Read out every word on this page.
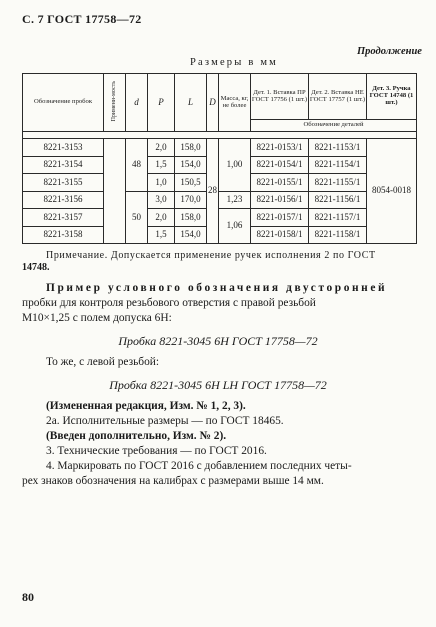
С. 7 ГОСТ 17758—72
Продолжение
Размеры в мм
Обозначение пробок	Примени-мость	d	P	L	D	Масса, кг, не более	Дет. 1. Вставка ПР ГОСТ 17756 (1 шт.)	Дет. 2. Вставка НЕ ГОСТ 17757 (1 шт.)	Дет. 3. Ручка ГОСТ 14748 (1 шт.)
							Обозначение деталей		

8221-3153		48	2,0	158,0	28	1,00	8221-0153/1	8221-1153/1	8054-0018
8221-3154			1,5	154,0			8221-0154/1	8221-1154/1	
8221-3155			1,0	150,5			8221-0155/1	8221-1155/1	
8221-3156		50	3,0	170,0		1,23	8221-0156/1	8221-1156/1	
8221-3157			2,0	158,0		1,06	8221-0157/1	8221-1157/1	
8221-3158			1,5	154,0			8221-0158/1	8221-1158/1	
Примечание. Допускается применение ручек исполнения 2 по ГОСТ
14748.
Пример условного обозначения двусторонней
пробки для контроля резьбового отверстия с правой резьбой
М10×1,25 с полем допуска 6Н:
Пробка 8221-3045 6Н ГОСТ 17758—72
То же, с левой резьбой:
Пробка 8221-3045 6Н LH ГОСТ 17758—72
(Измененная редакция, Изм. № 1, 2, 3).
2а. Исполнительные размеры — по ГОСТ 18465.
(Введен дополнительно, Изм. № 2).
3. Технические требования — по ГОСТ 2016.
4. Маркировать по ГОСТ 2016 с добавлением последних четы-
рех знаков обозначения на калибрах с размерами выше 14 мм.
80
